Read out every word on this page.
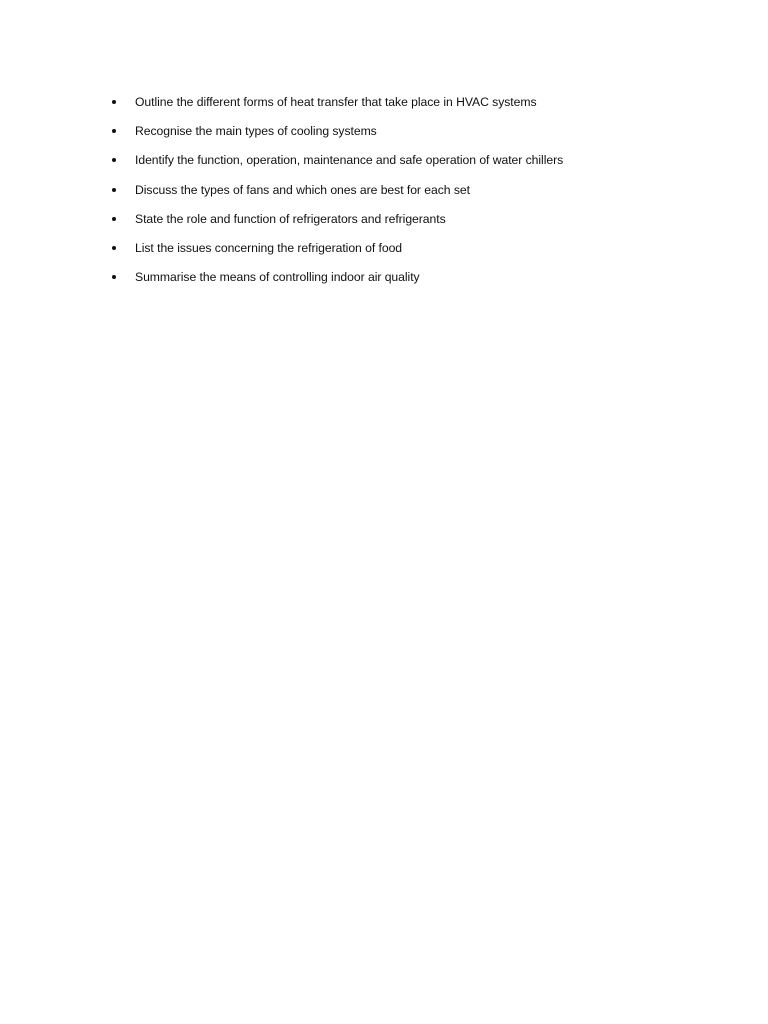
Outline the different forms of heat transfer that take place in HVAC systems
Recognise the main types of cooling systems
Identify the function, operation, maintenance and safe operation of water chillers
Discuss the types of fans and which ones are best for each set
State the role and function of refrigerators and refrigerants
List the issues concerning the refrigeration of food
Summarise the means of controlling indoor air quality
